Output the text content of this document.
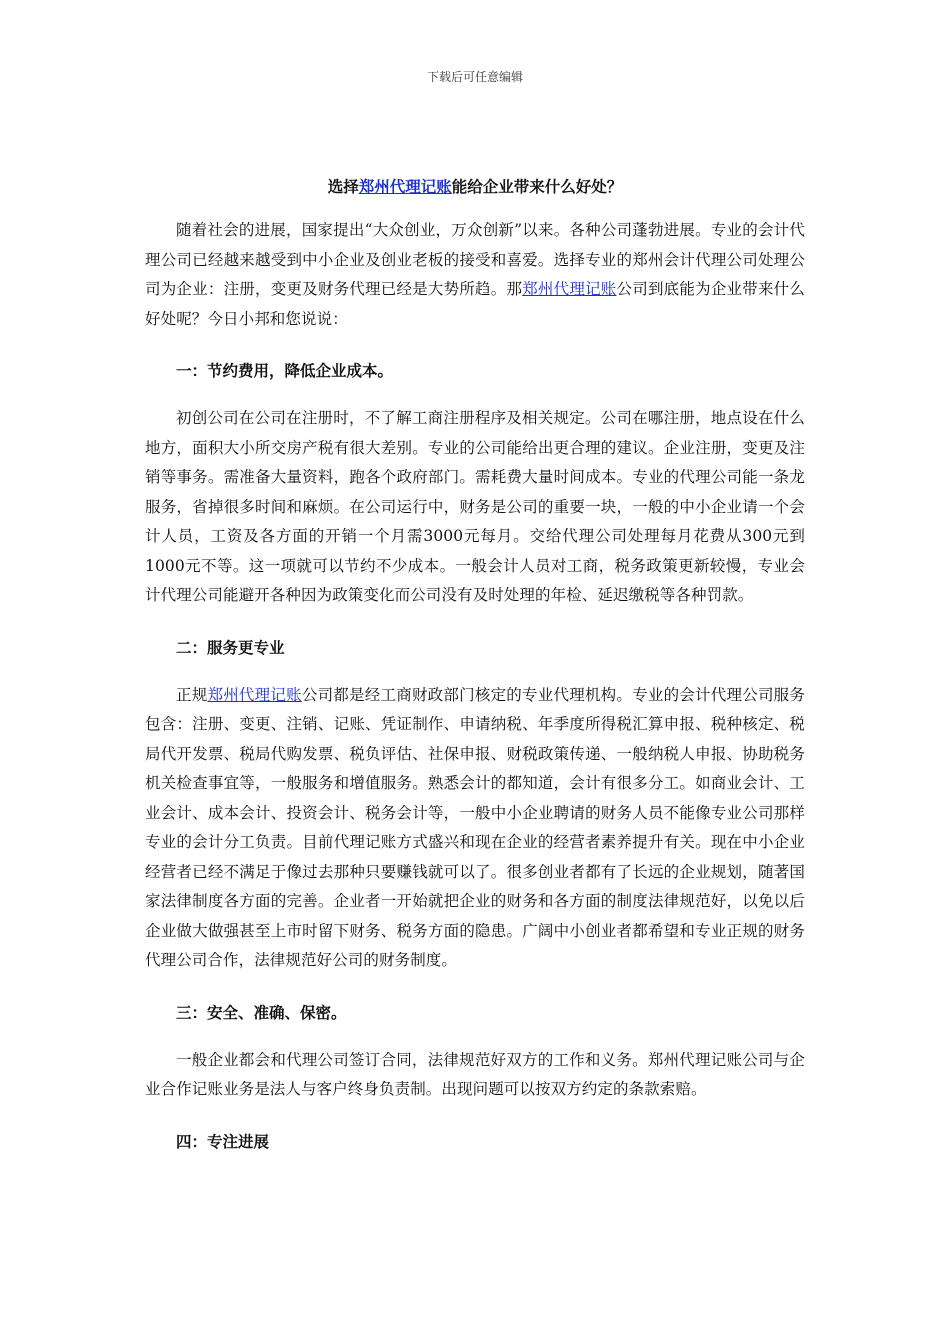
下载后可任意编辑
选择郑州代理记账能给企业带来什么好处？

随着社会的进展，国家提出“大众创业，万众创新”以来。各种公司蓬勃进展。专业的会计代理公司已经越来越受到中小企业及创业老板的接受和喜爱。选择专业的郑州会计代理公司处理公司为企业：注册，变更及财务代理已经是大势所趋。那郑州代理记账公司到底能为企业带来什么好处呢？今日小邦和您说说：

一：节约费用，降低企业成本。

初创公司在公司在注册时，不了解工商注册程序及相关规定。公司在哪注册，地点设在什么地方，面积大小所交房产税有很大差别。专业的公司能给出更合理的建议。企业注册，变更及注销等事务。需准备大量资料，跑各个政府部门。需耗费大量时间成本。专业的代理公司能一条龙服务，省掉很多时间和麻烦。在公司运行中，财务是公司的重要一块，一般的中小企业请一个会计人员，工资及各方面的开销一个月需3000元每月。交给代理公司处理每月花费从300元到1000元不等。这一项就可以节约不少成本。一般会计人员对工商，税务政策更新较慢，专业会计代理公司能避开各种因为政策变化而公司没有及时处理的年检、延迟缴税等各种罚款。

二：服务更专业

正规郑州代理记账公司都是经工商财政部门核定的专业代理机构。专业的会计代理公司服务包含：注册、变更、注销、记账、凭证制作、申请纳税、年季度所得税汇算申报、税种核定、税局代开发票、税局代购发票、税负评估、社保申报、财税政策传递、一般纳税人申报、协助税务机关检查事宜等，一般服务和增值服务。熟悉会计的都知道，会计有很多分工。如商业会计、工业会计、成本会计、投资会计、税务会计等，一般中小企业聘请的财务人员不能像专业公司那样专业的会计分工负责。目前代理记账方式盛兴和现在企业的经营者素养提升有关。现在中小企业经营者已经不满足于像过去那种只要赚钱就可以了。很多创业者都有了长远的企业规划，随著国家法律制度各方面的完善。企业者一开始就把企业的财务和各方面的制度法律规范好，以免以后企业做大做强甚至上市时留下财务、税务方面的隐患。广阔中小创业者都希望和专业正规的财务代理公司合作，法律规范好公司的财务制度。

三：安全、准确、保密。

一般企业都会和代理公司签订合同，法律规范好双方的工作和义务。郑州代理记账公司与企业合作记账业务是法人与客户终身负责制。出现问题可以按双方约定的条款索赔。

四：专注进展
